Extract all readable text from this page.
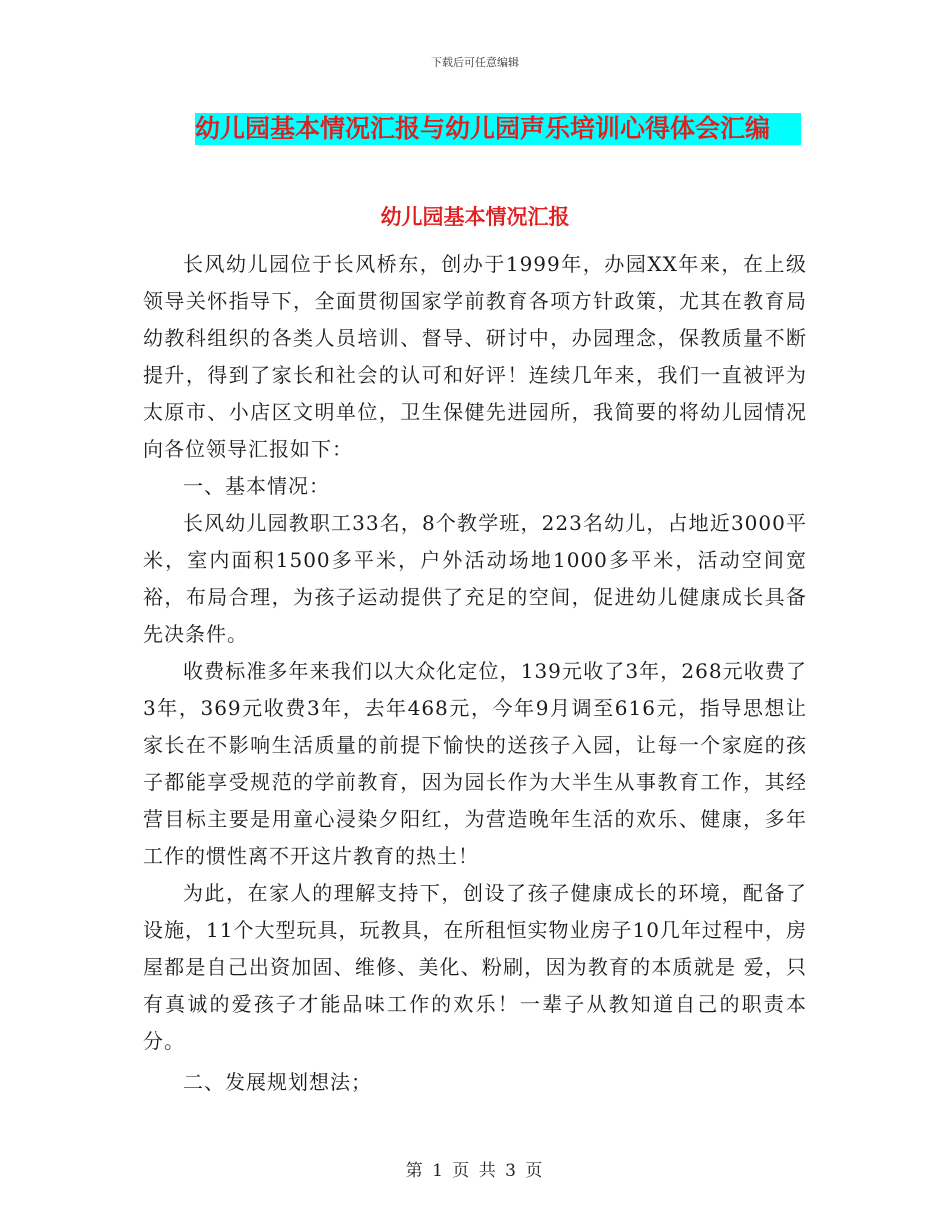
下载后可任意编辑
幼儿园基本情况汇报与幼儿园声乐培训心得体会汇编
幼儿园基本情况汇报

长风幼儿园位于长风桥东，创办于1999年，办园XX年来，在上级领导关怀指导下，全面贯彻国家学前教育各项方针政策，尤其在教育局幼教科组织的各类人员培训、督导、研讨中，办园理念，保教质量不断提升，得到了家长和社会的认可和好评！连续几年来，我们一直被评为太原市、小店区文明单位，卫生保健先进园所，我简要的将幼儿园情况向各位领导汇报如下：

一、基本情况：

长风幼儿园教职工33名，8个教学班，223名幼儿，占地近3000平米，室内面积1500多平米，户外活动场地1000多平米，活动空间宽裕，布局合理，为孩子运动提供了充足的空间，促进幼儿健康成长具备先决条件。

收费标准多年来我们以大众化定位，139元收了3年，268元收费了3年，369元收费3年，去年468元，今年9月调至616元，指导思想让家长在不影响生活质量的前提下愉快的送孩子入园，让每一个家庭的孩子都能享受规范的学前教育，因为园长作为大半生从事教育工作，其经营目标主要是用童心浸染夕阳红，为营造晚年生活的欢乐、健康，多年工作的惯性离不开这片教育的热土！

为此，在家人的理解支持下，创设了孩子健康成长的环境，配备了设施，11个大型玩具，玩教具，在所租恒实物业房子10几年过程中，房屋都是自己出资加固、维修、美化、粉刷，因为教育的本质就是 爱，只有真诚的爱孩子才能品味工作的欢乐！一辈子从教知道自己的职责本分。

二、发展规划想法；

第 1 页 共 3 页
